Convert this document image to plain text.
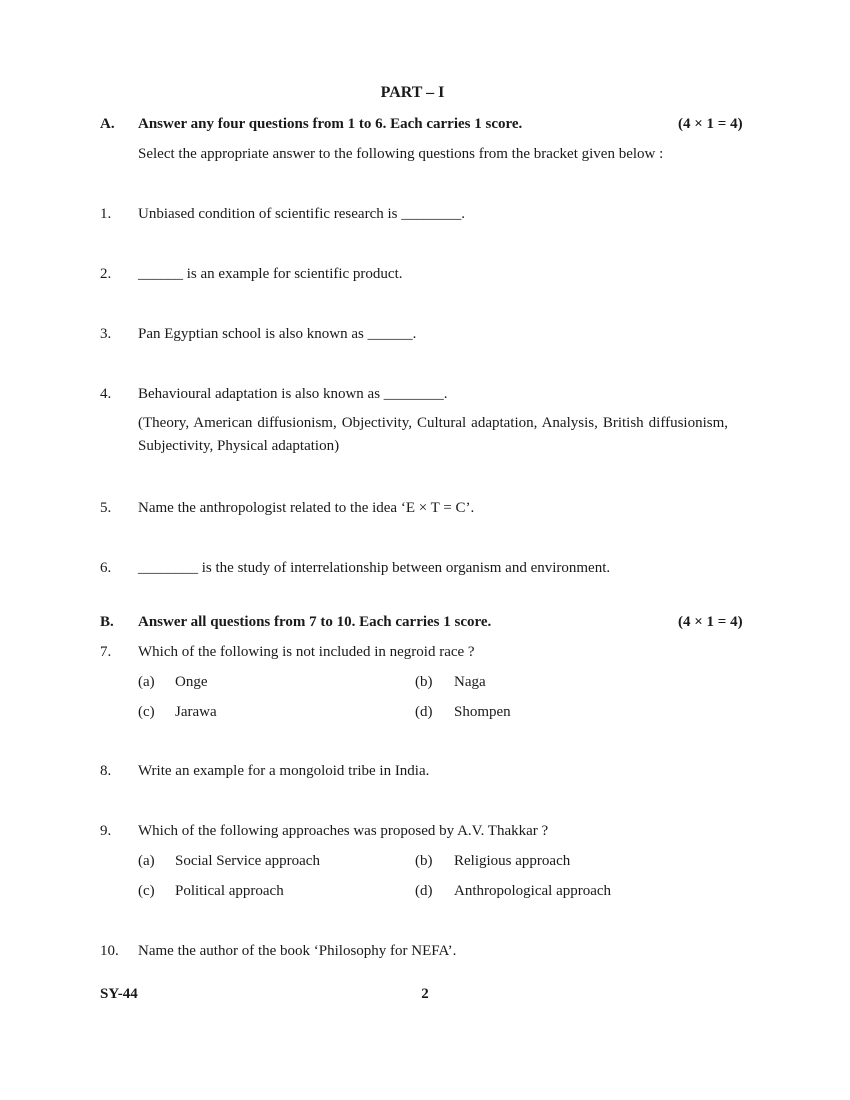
PART – I
A. Answer any four questions from 1 to 6. Each carries 1 score.	(4 × 1 = 4)
Select the appropriate answer to the following questions from the bracket given below :
1. Unbiased condition of scientific research is ________.
2. ______ is an example for scientific product.
3. Pan Egyptian school is also known as ______.
4. Behavioural adaptation is also known as ________.
(Theory, American diffusionism, Objectivity, Cultural adaptation, Analysis, British diffusionism, Subjectivity, Physical adaptation)
5. Name the anthropologist related to the idea ‘E × T = C’.
6. ________ is the study of interrelationship between organism and environment.
B. Answer all questions from 7 to 10. Each carries 1 score.	(4 × 1 = 4)
7. Which of the following is not included in negroid race ?
(a) Onge	(b) Naga
(c) Jarawa	(d) Shompen
8. Write an example for a mongoloid tribe in India.
9. Which of the following approaches was proposed by A.V. Thakkar ?
(a) Social Service approach	(b) Religious approach
(c) Political approach	(d) Anthropological approach
10. Name the author of the book ‘Philosophy for NEFA’.
SY-44	2
